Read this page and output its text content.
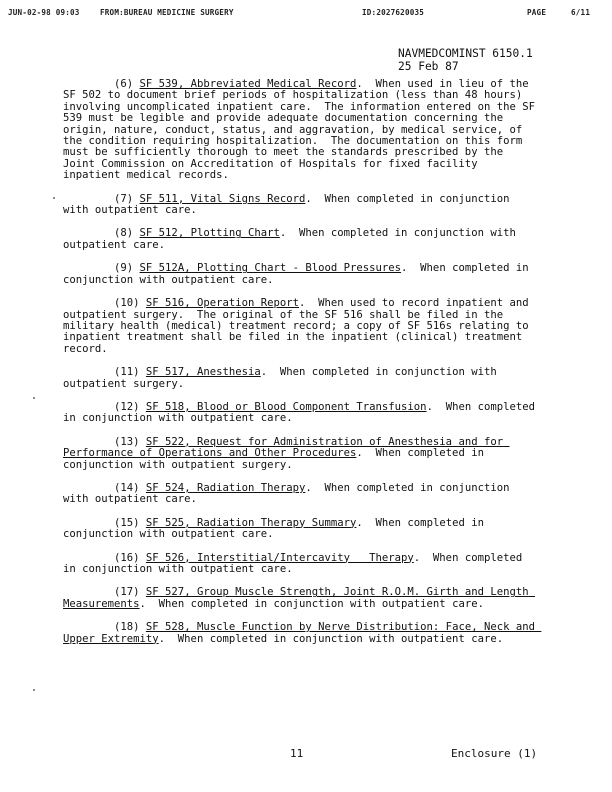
JUN-02-98 09:03	FROM:BUREAU MEDICINE SURGERY	ID:2027620035	PAGE	6/11
NAVMEDCOMINST 6150.1
25 Feb 87
(6) SF 539, Abbreviated Medical Record.  When used in lieu of the SF 502 to document brief periods of hospitalization (less than 48 hours) involving uncomplicated inpatient care.  The information entered on the SF 539 must be legible and provide adequate documentation concerning the origin, nature, conduct, status, and aggravation, by medical service, of the condition requiring hospitalization.  The documentation on this form must be sufficiently thorough to meet the standards prescribed by the Joint Commission on Accreditation of Hospitals for fixed facility inpatient medical records.
(7) SF 511, Vital Signs Record.  When completed in conjunction with outpatient care.
(8) SF 512, Plotting Chart.  When completed in conjunction with outpatient care.
(9) SF 512A, Plotting Chart - Blood Pressures.  When completed in conjunction with outpatient care.
(10) SF 516, Operation Report.  When used to record inpatient and outpatient surgery.  The original of the SF 516 shall be filed in the military health (medical) treatment record; a copy of SF 516s relating to inpatient treatment shall be filed in the inpatient (clinical) treatment record.
(11) SF 517, Anesthesia.  When completed in conjunction with outpatient surgery.
(12) SF 518, Blood or Blood Component Transfusion.  When completed in conjunction with outpatient care.
(13) SF 522, Request for Administration of Anesthesia and for Performance of Operations and Other Procedures.  When completed in conjunction with outpatient surgery.
(14) SF 524, Radiation Therapy.  When completed in conjunction with outpatient care.
(15) SF 525, Radiation Therapy Summary.  When completed in conjunction with outpatient care.
(16) SF 526, Interstitial/Intercavity   Therapy.  When completed in conjunction with outpatient care.
(17) SF 527, Group Muscle Strength, Joint R.O.M. Girth and Length Measurements.  When completed in conjunction with outpatient care.
(18) SF 528, Muscle Function by Nerve Distribution: Face, Neck and Upper Extremity.  When completed in conjunction with outpatient care.
11	Enclosure (1)
